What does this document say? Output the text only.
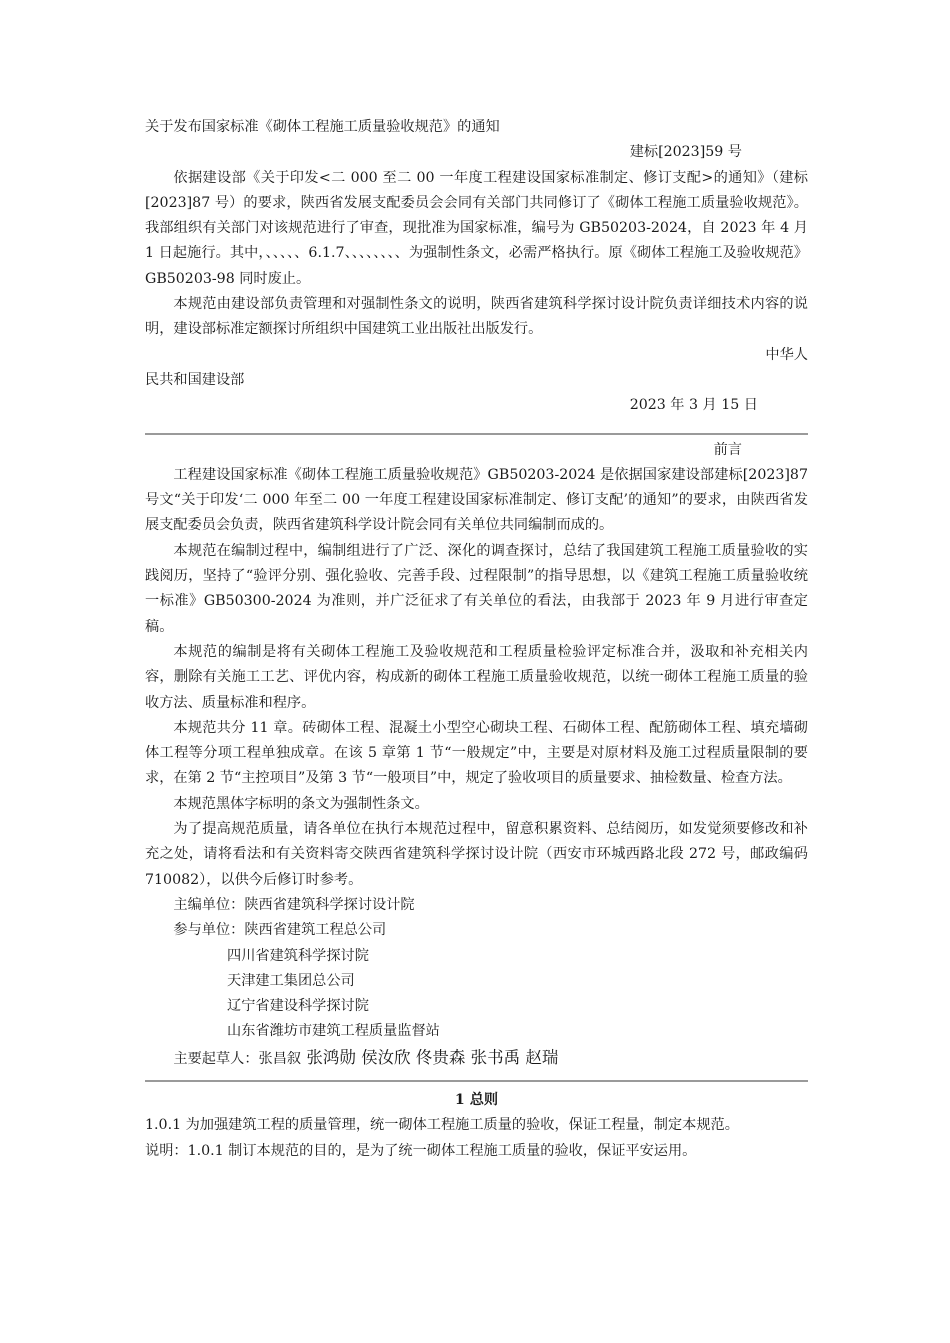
关于发布国家标准《砌体工程施工质量验收规范》的通知

建标[2023]59 号

依据建设部《关于印发<二 000 至二 00 一年度工程建设国家标准制定、修订支配>的通知》（建标[2023]87 号）的要求，陕西省发展支配委员会会同有关部门共同修订了《砌体工程施工质量验收规范》。我部组织有关部门对该规范进行了审查，现批准为国家标准，编号为 GB50203-2024，自 2023 年 4 月 1 日起施行。其中，、、、、、6.1.7、、、、、、、、为强制性条文，必需严格执行。原《砌体工程施工及验收规范》GB50203-98 同时废止。

本规范由建设部负责管理和对强制性条文的说明，陕西省建筑科学探讨设计院负责详细技术内容的说明，建设部标准定额探讨所组织中国建筑工业出版社出版发行。

中华人

民共和国建设部

2023 年 3 月 15 日

前言

工程建设国家标准《砌体工程施工质量验收规范》GB50203-2024 是依据国家建设部建标[2023]87 号文“关于印发‘二 000 年至二 00 一年度工程建设国家标准制定、修订支配’的通知”的要求，由陕西省发展支配委员会负责，陕西省建筑科学设计院会同有关单位共同编制而成的。

本规范在编制过程中，编制组进行了广泛、深化的调查探讨，总结了我国建筑工程施工质量验收的实践阅历，坚持了“验评分别、强化验收、完善手段、过程限制”的指导思想，以《建筑工程施工质量验收统一标准》GB50300-2024 为准则，并广泛征求了有关单位的看法，由我部于 2023 年 9 月进行审查定稿。

本规范的编制是将有关砌体工程施工及验收规范和工程质量检验评定标准合并，汲取和补充相关内容，删除有关施工工艺、评优内容，构成新的砌体工程施工质量验收规范，以统一砌体工程施工质量的验收方法、质量标准和程序。

本规范共分 11 章。砖砌体工程、混凝土小型空心砌块工程、石砌体工程、配筋砌体工程、填充墙砌体工程等分项工程单独成章。在该 5 章第 1 节“一般规定”中，主要是对原材料及施工过程质量限制的要求，在第 2 节“主控项目”及第 3 节“一般项目”中，规定了验收项目的质量要求、抽检数量、检查方法。

本规范黑体字标明的条文为强制性条文。

为了提高规范质量，请各单位在执行本规范过程中，留意积累资料、总结阅历，如发觉须要修改和补充之处，请将看法和有关资料寄交陕西省建筑科学探讨设计院（西安市环城西路北段 272 号，邮政编码 710082），以供今后修订时参考。

主编单位：陕西省建筑科学探讨设计院

参与单位：陕西省建筑工程总公司

四川省建筑科学探讨院

天津建工集团总公司

辽宁省建设科学探讨院

山东省潍坊市建筑工程质量监督站

主要起草人：张昌叙 张鸿勋 侯汝欣 佟贵森 张书禹 赵瑞

1 总则

1.0.1 为加强建筑工程的质量管理，统一砌体工程施工质量的验收，保证工程量，制定本规范。

说明：1.0.1 制订本规范的目的，是为了统一砌体工程施工质量的验收，保证平安运用。
